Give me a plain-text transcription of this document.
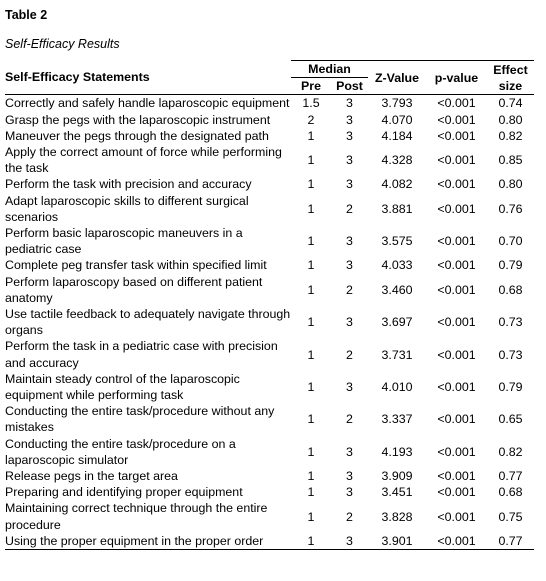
Table 2
Self-Efficacy Results
Self-Efficacy Statements	Median		Z-Value	p-value	Effect
size
	Pre	Post			
Correctly and safely handle laparoscopic equipment	1.5	3	3.793	<0.001	0.74
Grasp the pegs with the laparoscopic instrument	2	3	4.070	<0.001	0.80
Maneuver the pegs through the designated path	1	3	4.184	<0.001	0.82
Apply the correct amount of force while performing the task	1	3	4.328	<0.001	0.85
Perform the task with precision and accuracy	1	3	4.082	<0.001	0.80
Adapt laparoscopic skills to different surgical scenarios	1	2	3.881	<0.001	0.76
Perform basic laparoscopic maneuvers in a pediatric case	1	3	3.575	<0.001	0.70
Complete peg transfer task within specified limit	1	3	4.033	<0.001	0.79
Perform laparoscopy based on different patient anatomy	1	2	3.460	<0.001	0.68
Use tactile feedback to adequately navigate through organs	1	3	3.697	<0.001	0.73
Perform the task in a pediatric case with precision and accuracy	1	2	3.731	<0.001	0.73
Maintain steady control of the laparoscopic equipment while performing task	1	3	4.010	<0.001	0.79
Conducting the entire task/procedure without any mistakes	1	2	3.337	<0.001	0.65
Conducting the entire task/procedure on a laparoscopic simulator	1	3	4.193	<0.001	0.82
Release pegs in the target area	1	3	3.909	<0.001	0.77
Preparing and identifying proper equipment	1	3	3.451	<0.001	0.68
Maintaining correct technique through the entire procedure	1	2	3.828	<0.001	0.75
Using the proper equipment in the proper order	1	3	3.901	<0.001	0.77
